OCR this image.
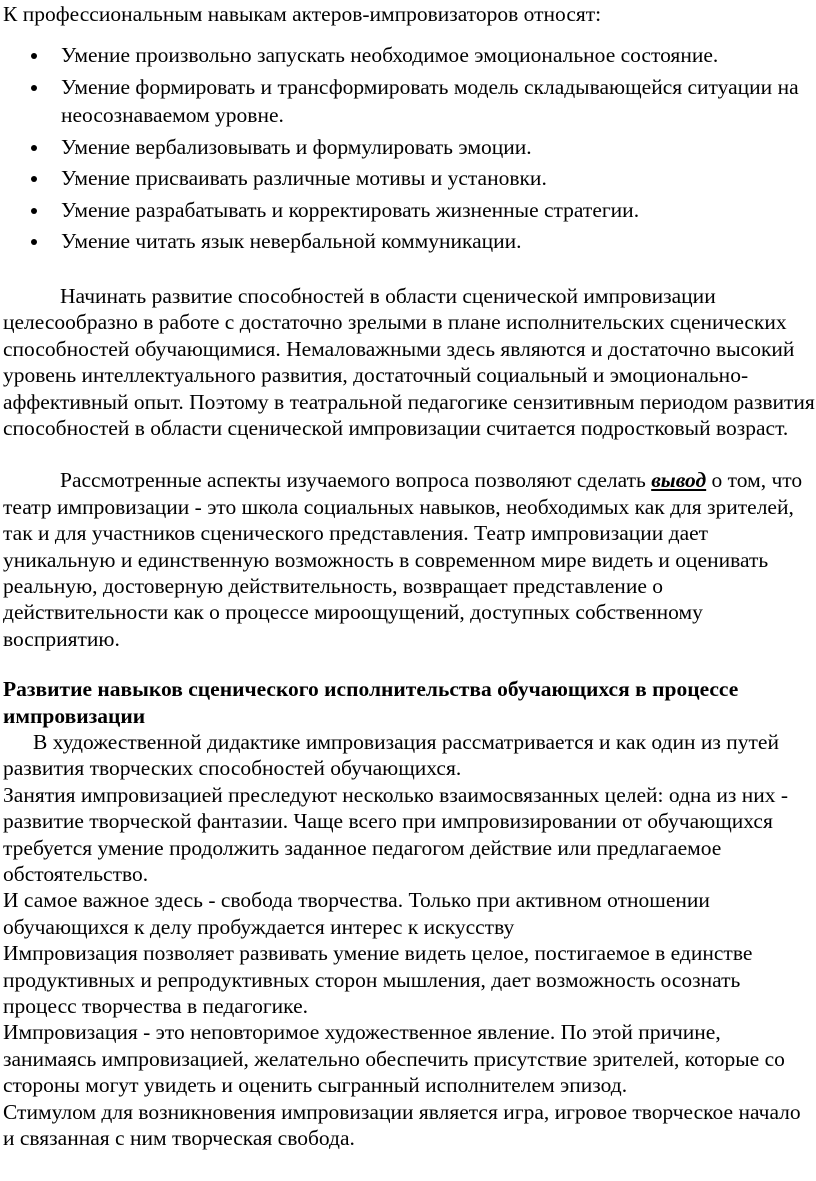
К профессиональным навыкам актеров-импровизаторов относят:

Умение произвольно запускать необходимое эмоциональное состояние.
Умение формировать и трансформировать модель складывающейся ситуации на неосознаваемом уровне.
Умение вербализовывать и формулировать эмоции.
Умение присваивать различные мотивы и установки.
Умение разрабатывать и корректировать жизненные стратегии.
Умение читать язык невербальной коммуникации.

Начинать развитие способностей в области сценической импровизации целесообразно в работе с достаточно зрелыми в плане исполнительских сценических способностей обучающимися. Немаловажными здесь являются и достаточно высокий уровень интеллектуального развития, достаточный социальный и эмоционально-аффективный опыт. Поэтому в театральной педагогике сензитивным периодом развития способностей в области сценической импровизации считается подростковый возраст.

Рассмотренные аспекты изучаемого вопроса позволяют сделать вывод о том, что театр импровизации - это школа социальных навыков, необходимых как для зрителей, так и для участников сценического представления. Театр импровизации дает уникальную и единственную возможность в современном мире видеть и оценивать реальную, достоверную действительность, возвращает представление о действительности как о процессе мироощущений, доступных собственному восприятию.

Развитие навыков сценического исполнительства обучающихся в процессе импровизации

В художественной дидактике импровизация рассматривается и как один из путей развития творческих способностей обучающихся.

Занятия импровизацией преследуют несколько взаимосвязанных целей: одна из них - развитие творческой фантазии. Чаще всего при импровизировании от обучающихся требуется умение продолжить заданное педагогом действие или предлагаемое обстоятельство.

И самое важное здесь - свобода творчества. Только при активном отношении обучающихся к делу пробуждается интерес к искусству

Импровизация позволяет развивать умение видеть целое, постигаемое в единстве продуктивных и репродуктивных сторон мышления, дает возможность осознать процесс творчества в педагогике.

Импровизация - это неповторимое художественное явление. По этой причине, занимаясь импровизацией, желательно обеспечить присутствие зрителей, которые со стороны могут увидеть и оценить сыгранный исполнителем эпизод.

Стимулом для возникновения импровизации является игра, игровое творческое начало и связанная с ним творческая свобода.
